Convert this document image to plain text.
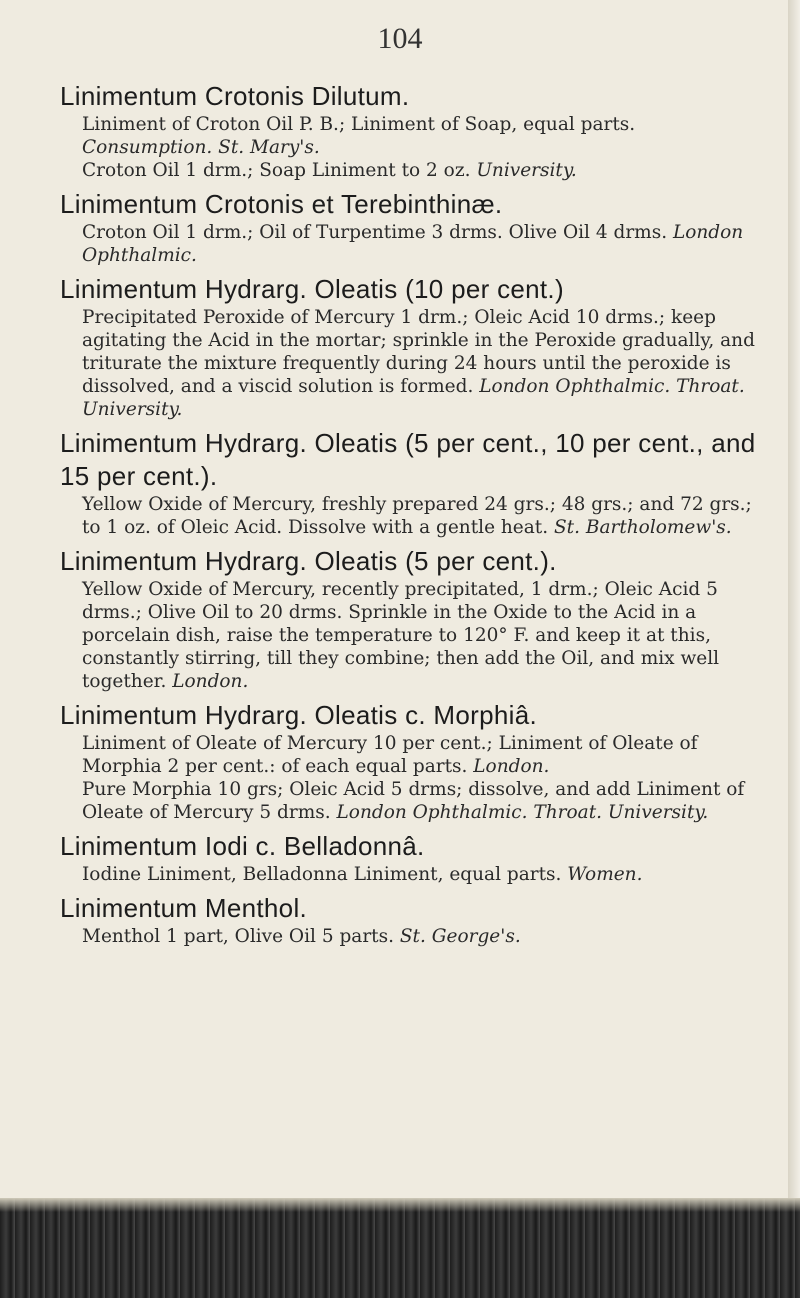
104
Linimentum Crotonis Dilutum.

Liniment of Croton Oil P. B.; Liniment of Soap, equal parts. Consumption. St. Mary's.

Croton Oil 1 drm.; Soap Liniment to 2 oz. University.

Linimentum Crotonis et Terebinthinæ.

Croton Oil 1 drm.; Oil of Turpentime 3 drms. Olive Oil 4 drms. London Ophthalmic.

Linimentum Hydrarg. Oleatis (10 per cent.)

Precipitated Peroxide of Mercury 1 drm.; Oleic Acid 10 drms.; keep agitating the Acid in the mortar; sprinkle in the Peroxide gradually, and triturate the mixture frequently during 24 hours until the peroxide is dissolved, and a viscid solution is formed. London Ophthalmic. Throat. University.

Linimentum Hydrarg. Oleatis (5 per cent., 10 per cent., and 15 per cent.).

Yellow Oxide of Mercury, freshly prepared 24 grs.; 48 grs.; and 72 grs.; to 1 oz. of Oleic Acid. Dissolve with a gentle heat. St. Bartholomew's.

Linimentum Hydrarg. Oleatis (5 per cent.).

Yellow Oxide of Mercury, recently precipitated, 1 drm.; Oleic Acid 5 drms.; Olive Oil to 20 drms. Sprinkle in the Oxide to the Acid in a porcelain dish, raise the temperature to 120° F. and keep it at this, constantly stirring, till they combine; then add the Oil, and mix well together. London.

Linimentum Hydrarg. Oleatis c. Morphiâ.

Liniment of Oleate of Mercury 10 per cent.; Liniment of Oleate of Morphia 2 per cent.: of each equal parts. London.

Pure Morphia 10 grs; Oleic Acid 5 drms; dissolve, and add Liniment of Oleate of Mercury 5 drms. London Ophthalmic. Throat. University.

Linimentum Iodi c. Belladonnâ.

Iodine Liniment, Belladonna Liniment, equal parts. Women.

Linimentum Menthol.

Menthol 1 part, Olive Oil 5 parts. St. George's.
